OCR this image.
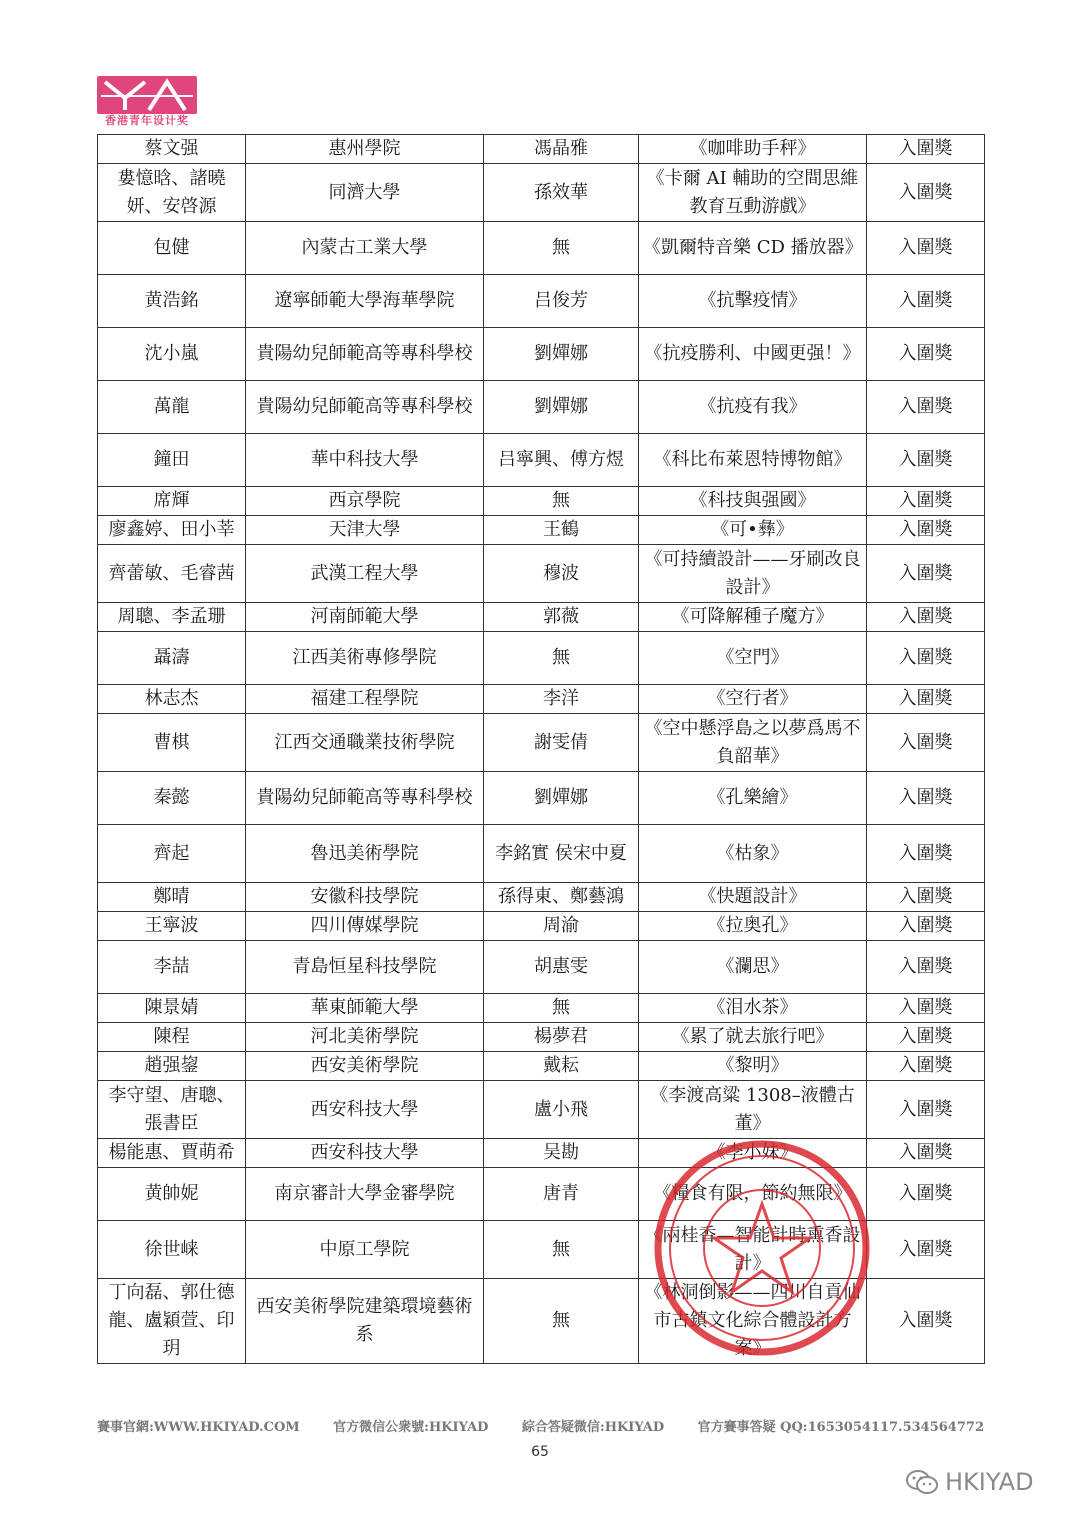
香港青年设计奖
蔡文强	惠州學院	馮晶雅	《咖啡助手秤》	入圍獎
婁憶晗、諸曉妍、安啓源	同濟大學	孫效華	《卡爾 AI 輔助的空間思維教育互動游戲》	入圍獎
包健	內蒙古工業大學	無	《凱爾特音樂 CD 播放器》	入圍獎
黄浩銘	遼寧師範大學海華學院	吕俊芳	《抗擊疫情》	入圍獎
沈小嵐	貴陽幼兒師範高等專科學校	劉嬋娜	《抗疫勝利、中國更强！》	入圍獎
萬龍	貴陽幼兒師範高等專科學校	劉嬋娜	《抗疫有我》	入圍獎
鐘田	華中科技大學	吕寧興、傅方煜	《科比布萊恩特博物館》	入圍獎
席輝	西京學院	無	《科技與强國》	入圍獎
廖鑫婷、田小莘	天津大學	王鶴	《可•彝》	入圍獎
齊蕾敏、毛睿茜	武漢工程大學	穆波	《可持續設計——牙刷改良設計》	入圍獎
周聰、李孟珊	河南師範大學	郭薇	《可降解種子魔方》	入圍獎
聶濤	江西美術專修學院	無	《空門》	入圍獎
林志杰	福建工程學院	李洋	《空行者》	入圍獎
曹棋	江西交通職業技術學院	謝雯倩	《空中懸浮島之以夢爲馬不負韶華》	入圍獎
秦懿	貴陽幼兒師範高等專科學校	劉嬋娜	《孔樂繪》	入圍獎
齊起	魯迅美術學院	李銘實 侯宋中夏	《枯象》	入圍獎
鄭晴	安徽科技學院	孫得東、鄭藝鴻	《快題設計》	入圍獎
王寧波	四川傳媒學院	周渝	《拉奥孔》	入圍獎
李喆	青島恒星科技學院	胡惠雯	《瀾思》	入圍獎
陳景婧	華東師範大學	無	《泪水茶》	入圍獎
陳程	河北美術學院	楊夢君	《累了就去旅行吧》	入圍獎
趙强鋆	西安美術學院	戴耘	《黎明》	入圍獎
李守望、唐聰、張書臣	西安科技大學	盧小飛	《李渡高粱 1308–液體古董》	入圍獎
楊能惠、賈萌希	西安科技大學	吴勘	《李小妹》	入圍獎
黄帥妮	南京審計大學金審學院	唐青	《糧食有限，節約無限》	入圍獎
徐世崃	中原工學院	無	《兩桂香—智能計時熏香設計》	入圍獎
丁向磊、郭仕德龍、盧穎萱、印玥	西安美術學院建築環境藝術系	無	《林洞倒影——四川自貢仙市古鎮文化綜合體設計方案》	入圍獎
賽事官網:WWW.HKIYAD.COM	官方微信公衆號:HKIYAD	綜合答疑微信:HKIYAD	官方賽事答疑 QQ:1653054117.534564772
65
HKIYAD
